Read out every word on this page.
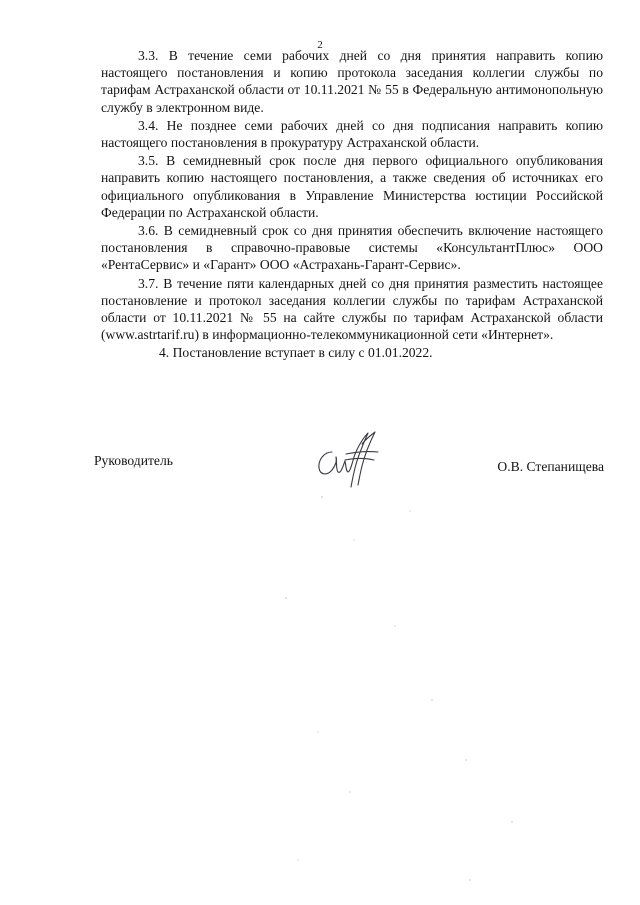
2

3.3. В течение семи рабочих дней со дня принятия направить копию настоящего постановления и копию протокола заседания коллегии службы по тарифам Астраханской области от 10.11.2021 № 55 в Федеральную антимонопольную службу в электронном виде.

3.4. Не позднее семи рабочих дней со дня подписания направить копию настоящего постановления в прокуратуру Астраханской области.

3.5. В семидневный срок после дня первого официального опубликования направить копию настоящего постановления, а также сведения об источниках его официального опубликования в Управление Министерства юстиции Российской Федерации по Астраханской области.

3.6. В семидневный срок со дня принятия обеспечить включение настоящего постановления в справочно-правовые системы «КонсультантПлюс» ООО «РентаСервис» и «Гарант» ООО «Астрахань-Гарант-Сервис».

3.7. В течение пяти календарных дней со дня принятия разместить настоящее постановление и протокол заседания коллегии службы по тарифам Астраханской области от 10.11.2021 № 55 на сайте службы по тарифам Астраханской области (www.astrtarif.ru) в информационно-телекоммуникационной сети «Интернет».

4. Постановление вступает в силу с 01.01.2022.

Руководитель	О.В. Степанищева
